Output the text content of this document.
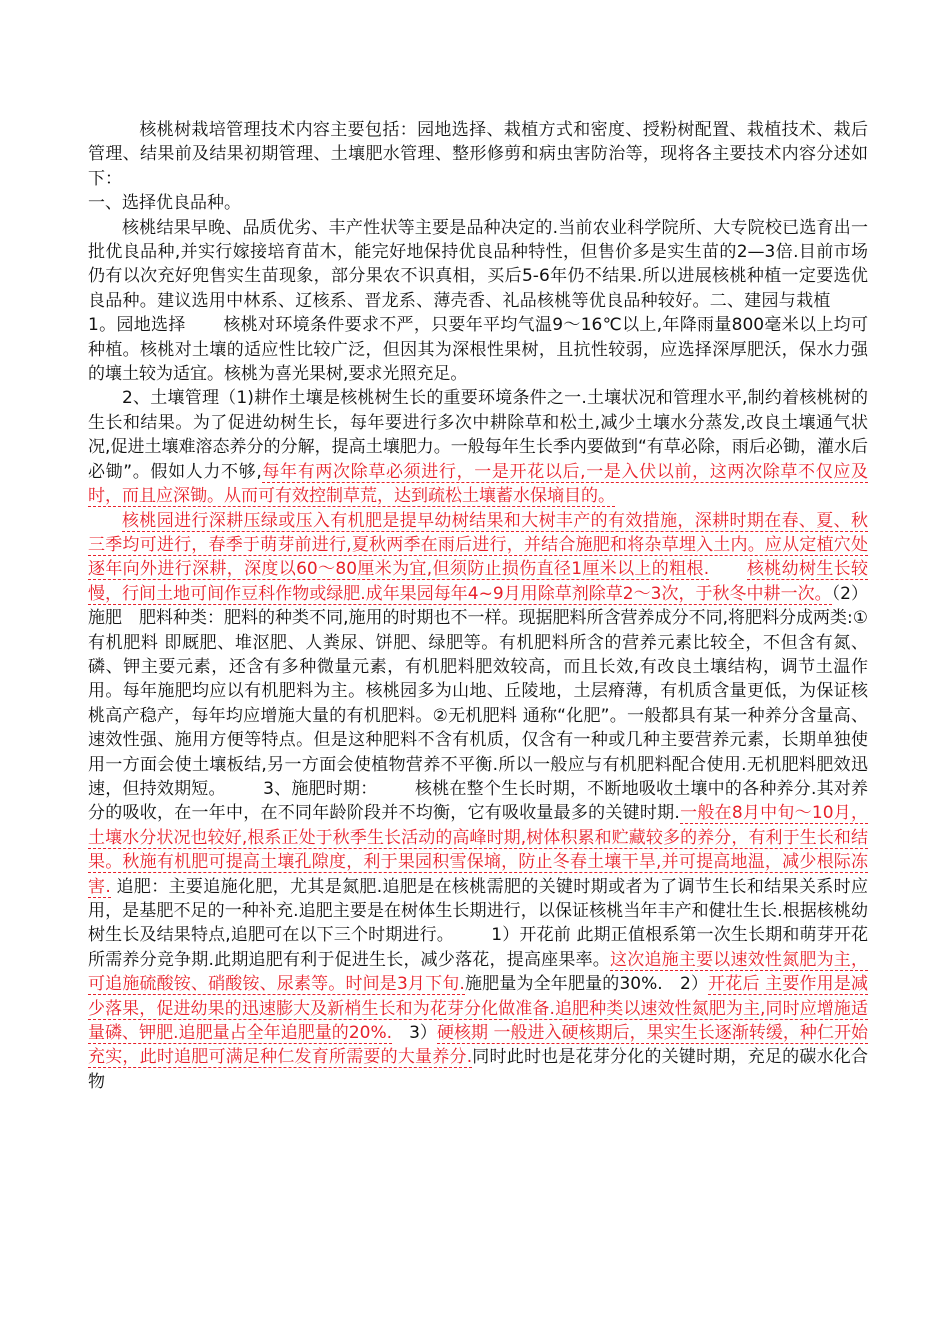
　核桃树栽培管理技术内容主要包括：园地选择、栽植方式和密度、授粉树配置、栽植技术、栽后管理、结果前及结果初期管理、土壤肥水管理、整形修剪和病虫害防治等，现将各主要技术内容分述如下：

一、选择优良品种。

核桃结果早晚、品质优劣、丰产性状等主要是品种决定的.当前农业科学院所、大专院校已选育出一批优良品种,并实行嫁接培育苗木，能完好地保持优良品种特性，但售价多是实生苗的2—3倍.目前市场仍有以次充好兜售实生苗现象，部分果农不识真相，买后5-6年仍不结果.所以进展核桃种植一定要选优良品种。建议选用中林系、辽核系、晋龙系、薄壳香、礼品核桃等优良品种较好。二、建园与栽植1。园地选择 核桃对环境条件要求不严，只要年平均气温9～16℃以上,年降雨量800毫米以上均可种植。核桃对土壤的适应性比较广泛，但因其为深根性果树，且抗性较弱，应选择深厚肥沃，保水力强的壤土较为适宜。核桃为喜光果树,要求光照充足。

2、土壤管理（1)耕作土壤是核桃树生长的重要环境条件之一.土壤状况和管理水平,制约着核桃树的生长和结果。为了促进幼树生长，每年要进行多次中耕除草和松土,减少土壤水分蒸发,改良土壤通气状况,促进土壤难溶态养分的分解，提高土壤肥力。一般每年生长季内要做到“有草必除，雨后必锄，灌水后必锄”。假如人力不够,每年有两次除草必须进行，一是开花以后,一是入伏以前，这两次除草不仅应及时，而且应深锄。从而可有效控制草荒，达到疏松土壤蓄水保墒目的。

核桃园进行深耕压绿或压入有机肥是提早幼树结果和大树丰产的有效措施，深耕时期在春、夏、秋三季均可进行，春季于萌芽前进行,夏秋两季在雨后进行，并结合施肥和将杂草埋入土内。应从定植穴处逐年向外进行深耕，深度以60～80厘米为宜,但须防止损伤直径1厘米以上的粗根. 核桃幼树生长较慢，行间土地可间作豆科作物或绿肥.成年果园每年4~9月用除草剂除草2～3次，于秋冬中耕一次。（2）施肥　肥料种类：肥料的种类不同,施用的时期也不一样。现据肥料所含营养成分不同,将肥料分成两类:① 有机肥料 即厩肥、堆沤肥、人粪尿、饼肥、绿肥等。有机肥料所含的营养元素比较全，不但含有氮、磷、钾主要元素，还含有多种微量元素，有机肥料肥效较高，而且长效,有改良土壤结构，调节土温作用。每年施肥均应以有机肥料为主。核桃园多为山地、丘陵地，土层瘠薄，有机质含量更低，为保证核桃高产稳产，每年均应增施大量的有机肥料。②无机肥料 通称“化肥”。一般都具有某一种养分含量高、速效性强、施用方便等特点。但是这种肥料不含有机质，仅含有一种或几种主要营养元素，长期单独使用一方面会使土壤板结,另一方面会使植物营养不平衡.所以一般应与有机肥料配合使用.无机肥料肥效迅速，但持效期短。 3、施肥时期： 核桃在整个生长时期，不断地吸收土壤中的各种养分.其对养分的吸收，在一年中，在不同年龄阶段并不均衡，它有吸收量最多的关键时期.一般在8月中旬～10月，土壤水分状况也较好,根系正处于秋季生长活动的高峰时期,树体积累和贮藏较多的养分，有利于生长和结果。秋施有机肥可提高土壤孔隙度，利于果园积雪保墒，防止冬春土壤干旱,并可提高地温，减少根际冻害. 追肥：主要追施化肥，尤其是氮肥.追肥是在核桃需肥的关键时期或者为了调节生长和结果关系时应用，是基肥不足的一种补充.追肥主要是在树体生长期进行，以保证核桃当年丰产和健壮生长.根据核桃幼树生长及结果特点,追肥可在以下三个时期进行。 1）开花前 此期正值根系第一次生长期和萌芽开花所需养分竞争期.此期追肥有利于促进生长，减少落花，提高座果率。这次追施主要以速效性氮肥为主，可追施硫酸铵、硝酸铵、尿素等。时间是3月下旬.施肥量为全年肥量的30%.　2）开花后 主要作用是减少落果，促进幼果的迅速膨大及新梢生长和为花芽分化做准备.追肥种类以速效性氮肥为主,同时应增施适量磷、钾肥.追肥量占全年追肥量的20%.　3）硬核期 一般进入硬核期后，果实生长逐渐转缓，种仁开始充实，此时追肥可满足种仁发育所需要的大量养分.同时此时也是花芽分化的关键时期，充足的碳水化合物
